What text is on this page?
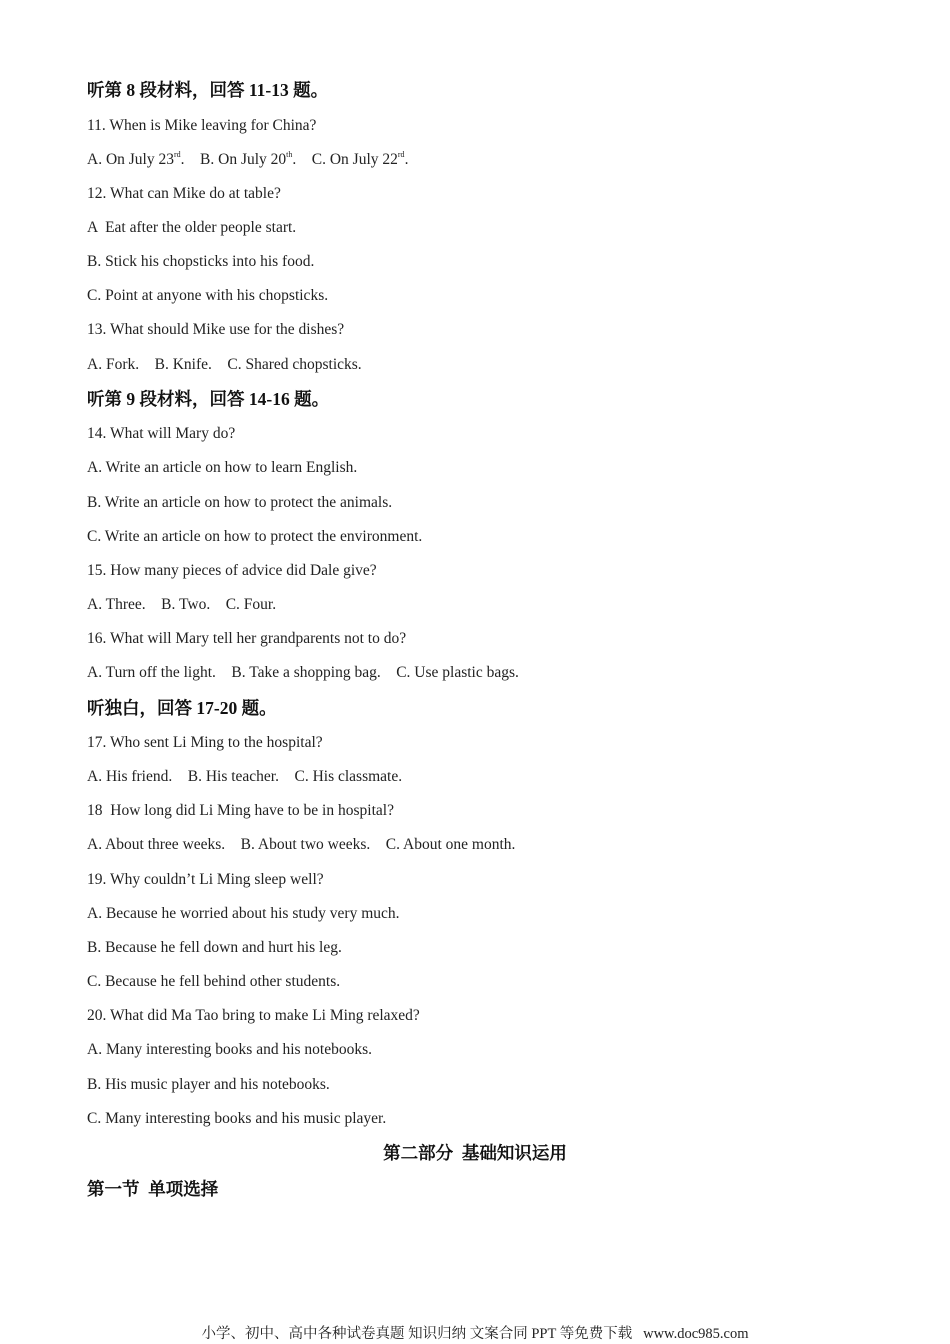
听第 8 段材料，回答 11-13 题。
11. When is Mike leaving for China?
A. On July 23rd. B. On July 20th. C. On July 22rd.
12. What can Mike do at table?
A  Eat after the older people start.
B. Stick his chopsticks into his food.
C. Point at anyone with his chopsticks.
13. What should Mike use for the dishes?
A. Fork.    B. Knife.    C. Shared chopsticks.
听第 9 段材料，回答 14-16 题。
14. What will Mary do?
A. Write an article on how to learn English.
B. Write an article on how to protect the animals.
C. Write an article on how to protect the environment.
15. How many pieces of advice did Dale give?
A. Three.    B. Two.    C. Four.
16. What will Mary tell her grandparents not to do?
A. Turn off the light.    B. Take a shopping bag.    C. Use plastic bags.
听独白，回答 17-20 题。
17. Who sent Li Ming to the hospital?
A. His friend.    B. His teacher.    C. His classmate.
18  How long did Li Ming have to be in hospital?
A. About three weeks.    B. About two weeks.    C. About one month.
19. Why couldn’t Li Ming sleep well?
A. Because he worried about his study very much.
B. Because he fell down and hurt his leg.
C. Because he fell behind other students.
20. What did Ma Tao bring to make Li Ming relaxed?
A. Many interesting books and his notebooks.
B. His music player and his notebooks.
C. Many interesting books and his music player.
第二部分  基础知识运用
第一节  单项选择
小学、初中、高中各种试卷真题 知识归纳 文案合同 PPT 等免费下载   www.doc985.com
